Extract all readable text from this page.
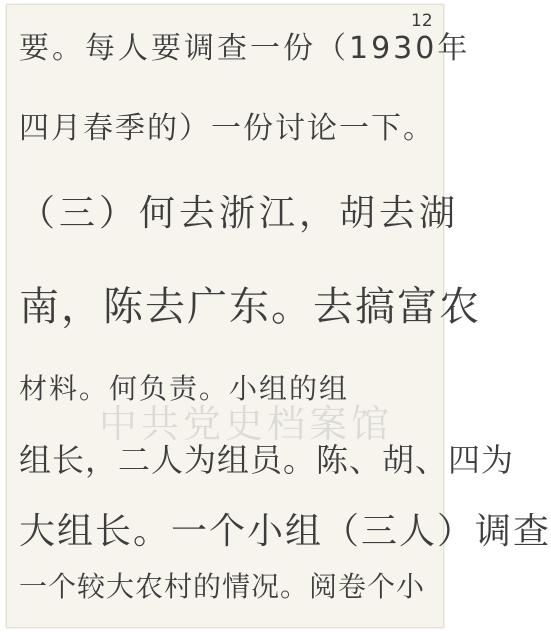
12
中共党史档案馆
要。每人要调查一份（1930年
四月春季的）一份讨论一下。
（三）何去浙江，胡去湖
南，陈去广东。去搞富农
材料。何负责。小组的组
组长，二人为组员。陈、胡、四为
大组长。一个小组（三人）调查
一个较大农村的情况。阅卷个小
